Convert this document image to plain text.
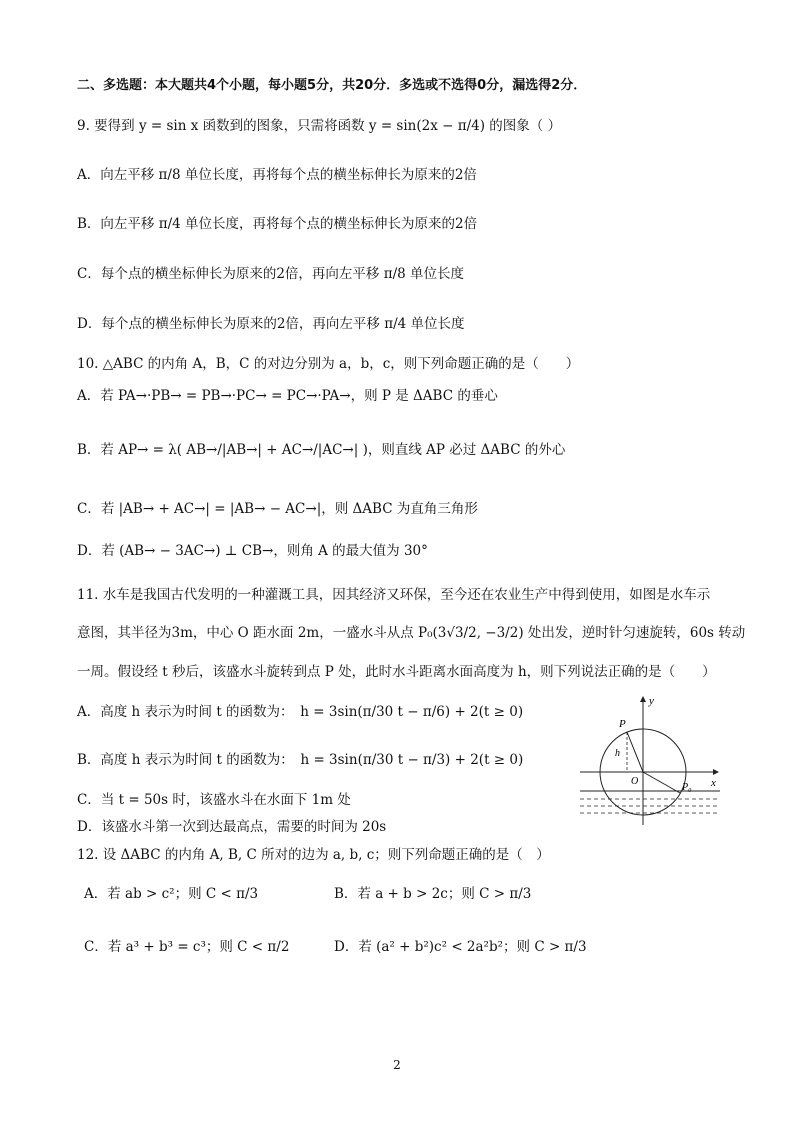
二、多选题：本大题共4个小题，每小题5分，共20分．多选或不选得0分，漏选得2分．
9. 要得到 y = sin x 函数到的图象，只需将函数 y = sin(2x − π/4) 的图象（ ）
A．向左平移 π/8 单位长度，再将每个点的横坐标伸长为原来的2倍
B．向左平移 π/4 单位长度，再将每个点的横坐标伸长为原来的2倍
C．每个点的横坐标伸长为原来的2倍，再向左平移 π/8 单位长度
D．每个点的横坐标伸长为原来的2倍，再向左平移 π/4 单位长度
10. △ABC 的内角 A，B，C 的对边分别为 a，b，c，则下列命题正确的是（　　）
A．若 PA→·PB→ = PB→·PC→ = PC→·PA→，则 P 是 ΔABC 的垂心
B．若 AP→ = λ( AB→/|AB→| + AC→/|AC→| )，则直线 AP 必过 ΔABC 的外心
C．若 |AB→ + AC→| = |AB→ − AC→|，则 ΔABC 为直角三角形
D．若 (AB→ − 3AC→) ⊥ CB→，则角 A 的最大值为 30°
11. 水车是我国古代发明的一种灌溉工具，因其经济又环保，至今还在农业生产中得到使用，如图是水车示
意图，其半径为3m，中心 O 距水面 2m，一盛水斗从点 P₀(3√3/2, −3/2) 处出发，逆时针匀速旋转，60s 转动
一周。假设经 t 秒后，该盛水斗旋转到点 P 处，此时水斗距离水面高度为 h，则下列说法正确的是（　　）
A．高度 h 表示为时间 t 的函数为：　h = 3sin(π/30 t − π/6) + 2(t ≥ 0)
B．高度 h 表示为时间 t 的函数为：　h = 3sin(π/30 t − π/3) + 2(t ≥ 0)
C．当 t = 50s 时，该盛水斗在水面下 1m 处
D．该盛水斗第一次到达最高点，需要的时间为 20s
y
x
O
P
h
P₀
12. 设 ΔABC 的内角 A, B, C 所对的边为 a, b, c；则下列命题正确的是（　）
A．若 ab > c²；则 C < π/3	B．若 a + b > 2c；则 C > π/3
C．若 a³ + b³ = c³；则 C < π/2	D．若 (a² + b²)c² < 2a²b²；则 C > π/3
2
